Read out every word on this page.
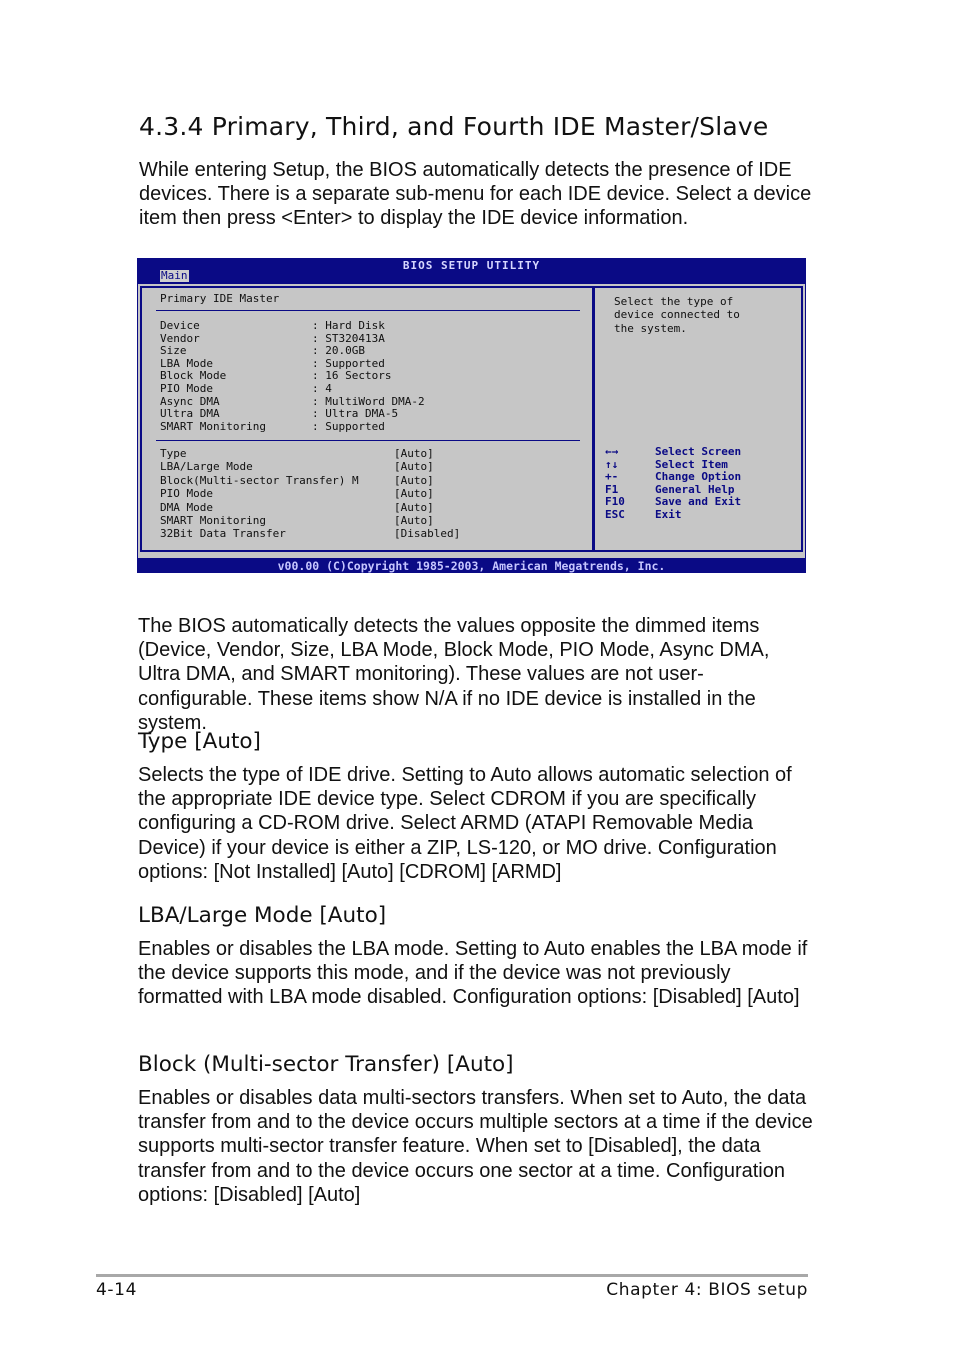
4.3.4 Primary, Third, and Fourth IDE Master/Slave

While entering Setup, the BIOS automatically detects the presence of IDE devices. There is a separate sub-menu for each IDE device. Select a device item then press <Enter> to display the IDE device information.

BIOS SETUP UTILITY
Main
Primary IDE Master
Device	: Hard Disk
Vendor	: ST320413A
Size	: 20.0GB
LBA Mode	: Supported
Block Mode	: 16 Sectors
PIO Mode	: 4
Async DMA	: MultiWord DMA-2
Ultra DMA	: Ultra DMA-5
SMART Monitoring	: Supported
Type	[Auto]
LBA/Large Mode	[Auto]
Block(Multi-sector Transfer) M	[Auto]
PIO Mode	[Auto]
DMA Mode	[Auto]
SMART Monitoring	[Auto]
32Bit Data Transfer	[Disabled]
Select the type of
device connected to
the system.
←→	Select Screen
↑↓	Select Item
+-	Change Option
F1	General Help
F10	Save and Exit
ESC	Exit
v00.00 (C)Copyright 1985-2003, American Megatrends, Inc.

The BIOS automatically detects the values opposite the dimmed items (Device, Vendor, Size, LBA Mode, Block Mode, PIO Mode, Async DMA, Ultra DMA, and SMART monitoring). These values are not user-configurable. These items show N/A if no IDE device is installed in the system.

Type [Auto]

Selects the type of IDE drive. Setting to Auto allows automatic selection of the appropriate IDE device type. Select CDROM if you are specifically configuring a CD-ROM drive. Select ARMD (ATAPI Removable Media Device) if your device is either a ZIP, LS-120, or MO drive. Configuration options: [Not Installed] [Auto] [CDROM] [ARMD]

LBA/Large Mode [Auto]

Enables or disables the LBA mode. Setting to Auto enables the LBA mode if the device supports this mode, and if the device was not previously formatted with LBA mode disabled. Configuration options: [Disabled] [Auto]

Block (Multi-sector Transfer) [Auto]

Enables or disables data multi-sectors transfers. When set to Auto, the data transfer from and to the device occurs multiple sectors at a time if the device supports multi-sector transfer feature. When set to [Disabled], the data transfer from and to the device occurs one sector at a time. Configuration options: [Disabled] [Auto]

4-14	Chapter 4: BIOS setup
